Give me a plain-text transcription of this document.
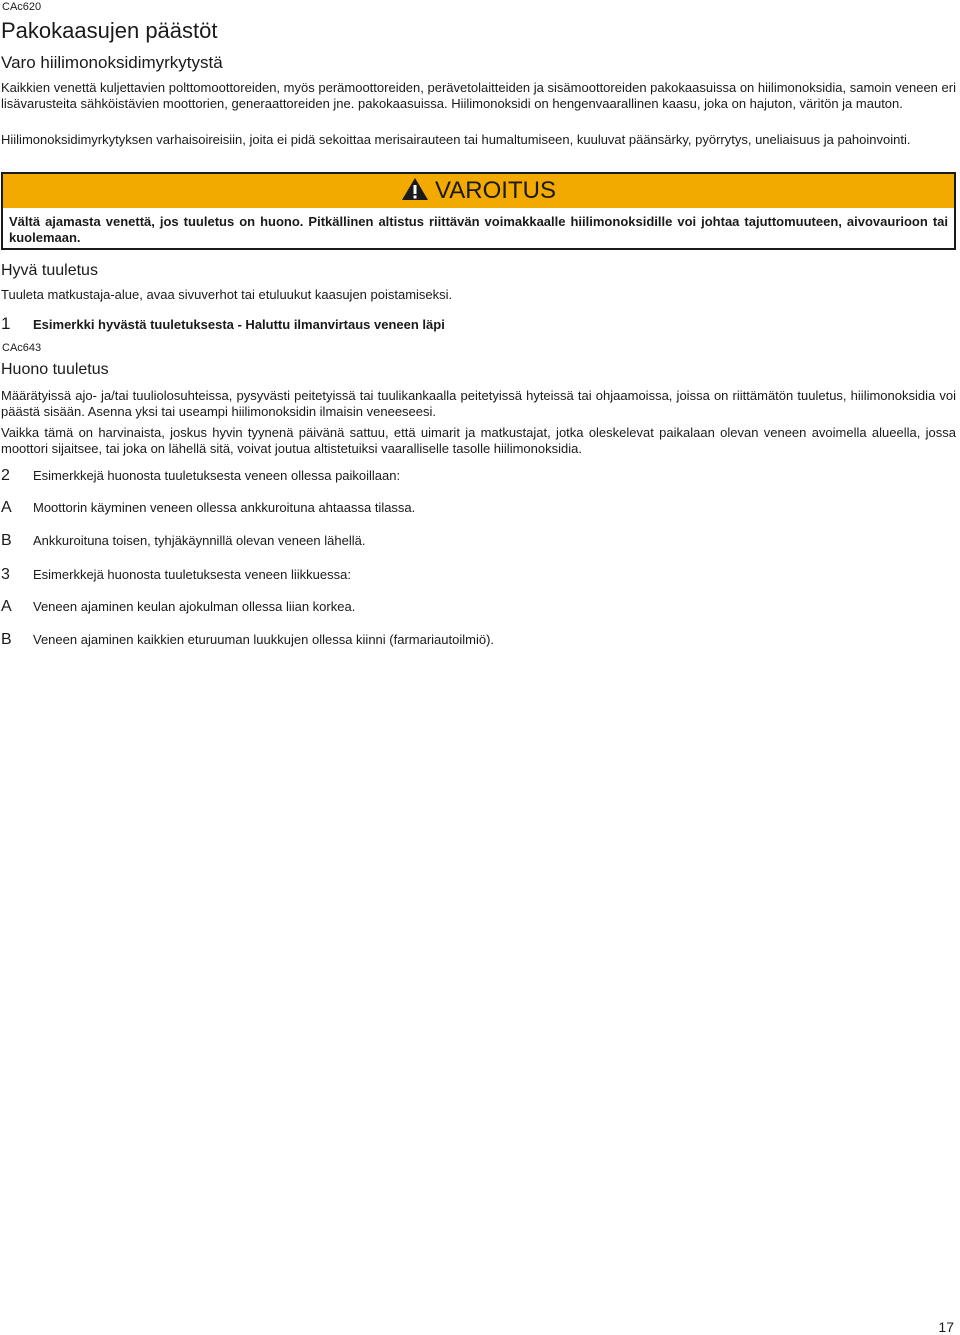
CAc620

Pakokaasujen päästöt
Varo hiilimonoksidimyrkytystä

Kaikkien venettä kuljettavien polttomoottoreiden, myös perämoottoreiden, perävetolaitteiden ja sisämoottoreiden pakokaasuissa on hiilimonoksidia, samoin veneen eri lisävarusteita sähköistävien moottorien, generaattoreiden jne. pakokaasuissa. Hiilimonoksidi on hengenvaarallinen kaasu, joka on hajuton, väritön ja mauton.

Hiilimonoksidimyrkytyksen varhaisoireisiin, joita ei pidä sekoittaa merisairauteen tai humaltumiseen, kuuluvat päänsärky, pyörrytys, uneliaisuus ja pahoinvointi.

VAROITUS
Vältä ajamasta venettä, jos tuuletus on huono. Pitkällinen altistus riittävän voimakkaalle hiilimonoksidille voi johtaa tajuttomuuteen, aivovaurioon tai kuolemaan.
Hyvä tuuletus

Tuuleta matkustaja-alue, avaa sivuverhot tai etuluukut kaasujen poistamiseksi.

1	Esimerkki hyvästä tuuletuksesta - Haluttu ilmanvirtaus veneen läpi

CAc643

Huono tuuletus

Määrätyissä ajo- ja/tai tuuliolosuhteissa, pysyvästi peitetyissä tai tuulikankaalla peitetyissä hyteissä tai ohjaamoissa, joissa on riittämätön tuuletus, hiilimonoksidia voi päästä sisään. Asenna yksi tai useampi hiilimonoksidin ilmaisin veneeseesi.

Vaikka tämä on harvinaista, joskus hyvin tyynenä päivänä sattuu, että uimarit ja matkustajat, jotka oleskelevat paikalaan olevan veneen avoimella alueella, jossa moottori sijaitsee, tai joka on lähellä sitä, voivat joutua altistetuiksi vaaralliselle tasolle hiilimonoksidia.

2	Esimerkkejä huonosta tuuletuksesta veneen ollessa paikoillaan:
A	Moottorin käyminen veneen ollessa ankkuroituna ahtaassa tilassa.
B	Ankkuroituna toisen, tyhjäkäynnillä olevan veneen lähellä.
3	Esimerkkejä huonosta tuuletuksesta veneen liikkuessa:
A	Veneen ajaminen keulan ajokulman ollessa liian korkea.
B	Veneen ajaminen kaikkien eturuuman luukkujen ollessa kiinni (farmariautoilmiö).
17
